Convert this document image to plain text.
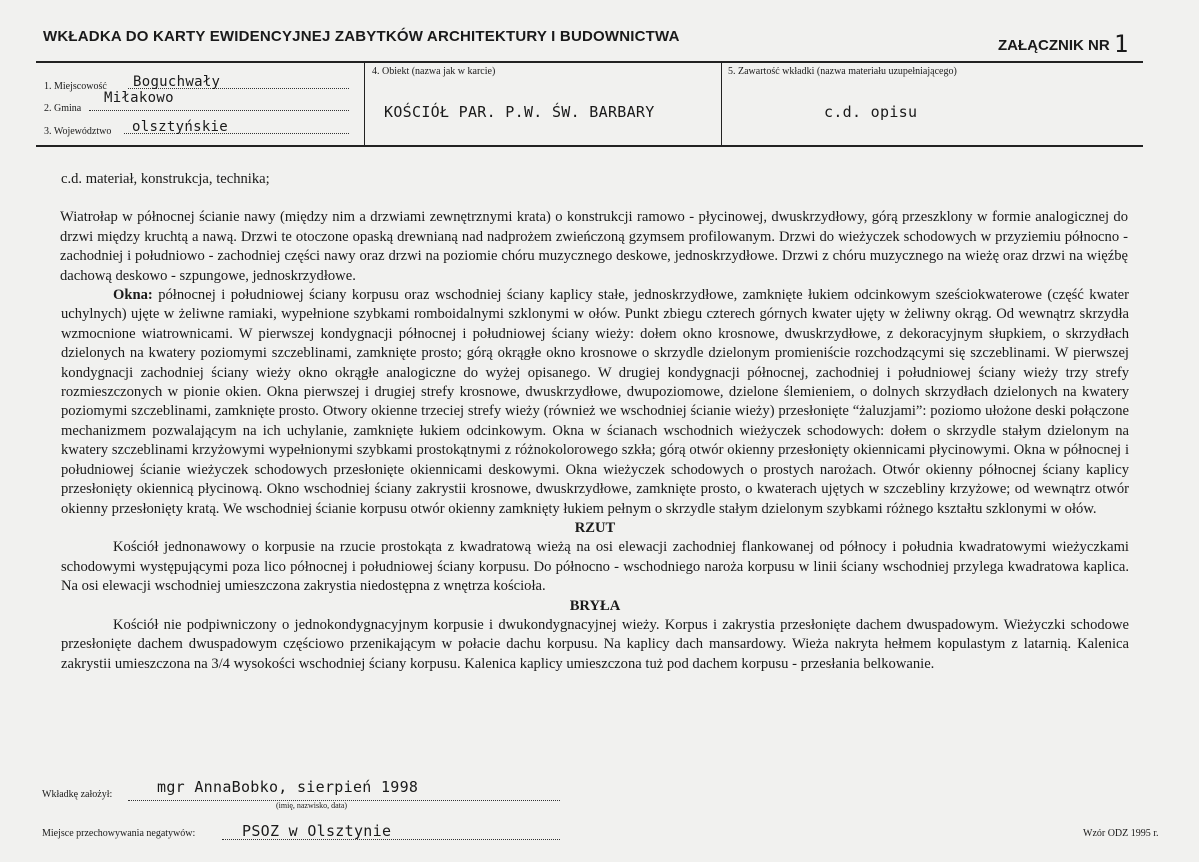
WKŁADKA DO KARTY EWIDENCYJNEJ ZABYTKÓW ARCHITEKTURY I BUDOWNICTWA
ZAŁĄCZNIK NR 1
1. Miejscowość Boguchwały
2. Gmina
Miłakowo
3. Województwo olsztyńskie
4. Obiekt (nazwa jak w karcie)
KOŚCIÓŁ PAR. P.W. ŚW. BARBARY
5. Zawartość wkładki (nazwa materiału uzupełniającego)
c.d. opisu

c.d. materiał, konstrukcja, technika;

Wiatrołap w północnej ścianie nawy (między nim a drzwiami zewnętrznymi krata) o konstrukcji ramowo - płycinowej, dwuskrzydłowy, górą przeszklony w formie analogicznej do drzwi między kruchtą a nawą. Drzwi te otoczone opaską drewnianą nad nadprożem zwieńczoną gzymsem profilowanym. Drzwi do wieżyczek schodowych w przyziemiu północno - zachodniej i południowo - zachodniej części nawy oraz drzwi na poziomie chóru muzycznego deskowe, jednoskrzydłowe. Drzwi z chóru muzycznego na wieżę oraz drzwi na więźbę dachową deskowo - szpungowe, jednoskrzydłowe.

Okna: północnej i południowej ściany korpusu oraz wschodniej ściany kaplicy stałe, jednoskrzydłowe, zamknięte łukiem odcinkowym sześciokwaterowe (część kwater uchylnych) ujęte w żeliwne ramiaki, wypełnione szybkami romboidalnymi szklonymi w ołów. Punkt zbiegu czterech górnych kwater ujęty w żeliwny okrąg. Od wewnątrz skrzydła wzmocnione wiatrownicami. W pierwszej kondygnacji północnej i południowej ściany wieży: dołem okno krosnowe, dwuskrzydłowe, z dekoracyjnym słupkiem, o skrzydłach dzielonych na kwatery poziomymi szczeblinami, zamknięte prosto; górą okrągłe okno krosnowe o skrzydle dzielonym promieniście rozchodzącymi się szczeblinami. W pierwszej kondygnacji zachodniej ściany wieży okno okrągłe analogiczne do wyżej opisanego. W drugiej kondygnacji północnej, zachodniej i południowej ściany wieży trzy strefy rozmieszczonych w pionie okien. Okna pierwszej i drugiej strefy krosnowe, dwuskrzydłowe, dwupoziomowe, dzielone ślemieniem, o dolnych skrzydłach dzielonych na kwatery poziomymi szczeblinami, zamknięte prosto. Otwory okienne trzeciej strefy wieży (również we wschodniej ścianie wieży) przesłonięte “żaluzjami”: poziomo ułożone deski połączone mechanizmem pozwalającym na ich uchylanie, zamknięte łukiem odcinkowym. Okna w ścianach wschodnich wieżyczek schodowych: dołem o skrzydle stałym dzielonym na kwatery szczeblinami krzyżowymi wypełnionymi szybkami prostokątnymi z różnokolorowego szkła; górą otwór okienny przesłonięty okiennicami płycinowymi. Okna w północnej i południowej ścianie wieżyczek schodowych przesłonięte okiennicami deskowymi. Okna wieżyczek schodowych o prostych narożach. Otwór okienny północnej ściany kaplicy przesłonięty okiennicą płycinową. Okno wschodniej ściany zakrystii krosnowe, dwuskrzydłowe, zamknięte prosto, o kwaterach ujętych w szczebliny krzyżowe; od wewnątrz otwór okienny przesłonięty kratą. We wschodniej ścianie korpusu otwór okienny zamknięty łukiem pełnym o skrzydle stałym dzielonym szybkami różnego kształtu szklonymi w ołów.

RZUT

Kościół jednonawowy o korpusie na rzucie prostokąta z kwadratową wieżą na osi elewacji zachodniej flankowanej od północy i południa kwadratowymi wieżyczkami schodowymi występującymi poza lico północnej i południowej ściany korpusu. Do północno - wschodniego naroża korpusu w linii ściany wschodniej przylega kwadratowa kaplica. Na osi elewacji wschodniej umieszczona zakrystia niedostępna z wnętrza kościoła.

BRYŁA

Kościół nie podpiwniczony o jednokondygnacyjnym korpusie i dwukondygnacyjnej wieży. Korpus i zakrystia przesłonięte dachem dwuspadowym. Wieżyczki schodowe przesłonięte dachem dwuspadowym częściowo przenikającym w połacie dachu korpusu. Na kaplicy dach mansardowy. Wieża nakryta hełmem kopulastym z latarnią. Kalenica zakrystii umieszczona na 3/4 wysokości wschodniej ściany korpusu. Kalenica kaplicy umieszczona tuż pod dachem korpusu - przesłania belkowanie.

Wkładkę założył:	mgr AnnaBobko, sierpień 1998
(imię, nazwisko, data)
Miejsce przechowywania negatywów:	PSOZ w Olsztynie	Wzór ODZ 1995 r.
